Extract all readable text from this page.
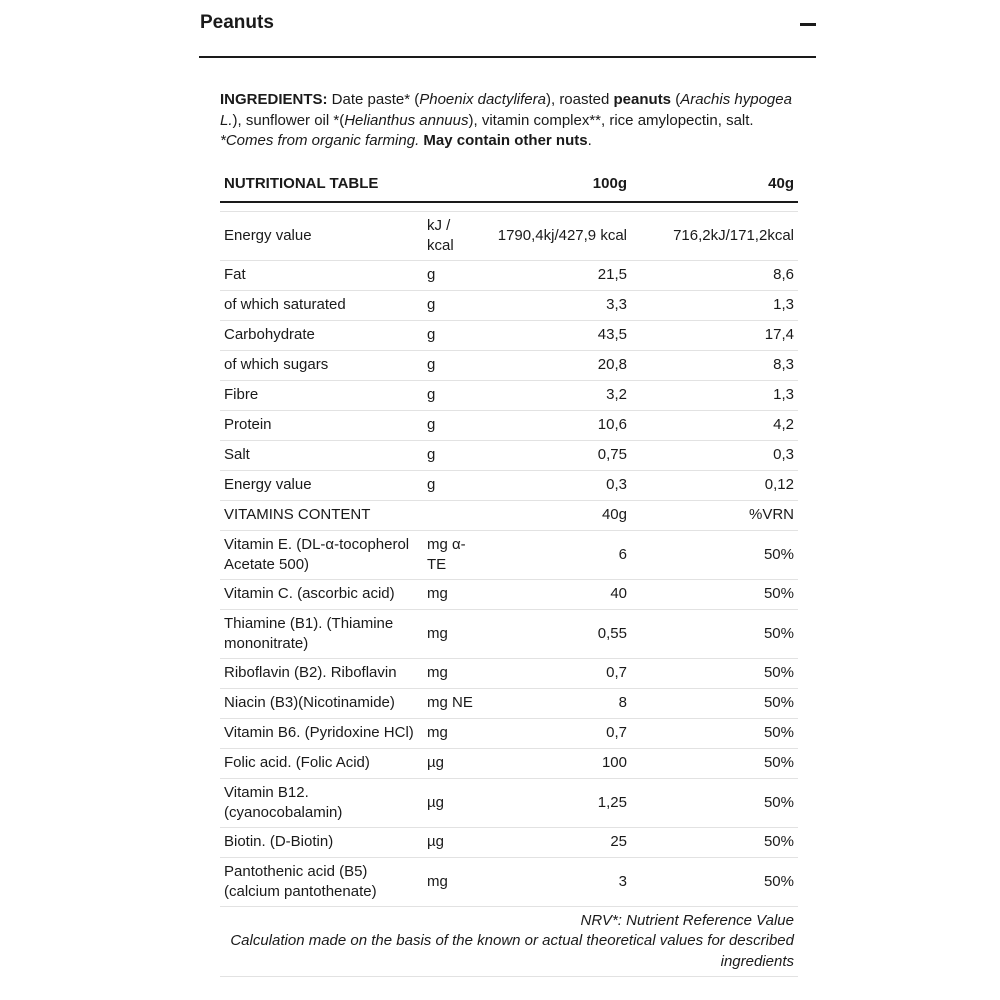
Peanuts

INGREDIENTS: Date paste* (Phoenix dactylifera), roasted peanuts (Arachis hypogea L.), sunflower oil *(Helianthus annuus), vitamin complex**, rice amylopectin, salt. *Comes from organic farming. May contain other nuts.

NUTRITIONAL TABLE		100g	40g

Energy value	kJ / kcal	1790,4kj/427,9 kcal	716,2kJ/171,2kcal
Fat	g	21,5	8,6
of which saturated	g	3,3	1,3
Carbohydrate	g	43,5	17,4
of which sugars	g	20,8	8,3
Fibre	g	3,2	1,3
Protein	g	10,6	4,2
Salt	g	0,75	0,3
Energy value	g	0,3	0,12
VITAMINS CONTENT		40g	%VRN
Vitamin E. (DL-α-tocopherol Acetate 500)	mg α-TE	6	50%
Vitamin C. (ascorbic acid)	mg	40	50%
Thiamine (B1). (Thiamine mononitrate)	mg	0,55	50%
Riboflavin (B2). Riboflavin	mg	0,7	50%
Niacin (B3)(Nicotinamide)	mg NE	8	50%
Vitamin B6. (Pyridoxine HCl)	mg	0,7	50%
Folic acid. (Folic Acid)	µg	100	50%
Vitamin B12. (cyanocobalamin)	µg	1,25	50%
Biotin. (D-Biotin)	µg	25	50%
Pantothenic acid (B5) (calcium pantothenate)	mg	3	50%
NRV*: Nutrient Reference Value
Calculation made on the basis of the known or actual theoretical values for described ingredients
